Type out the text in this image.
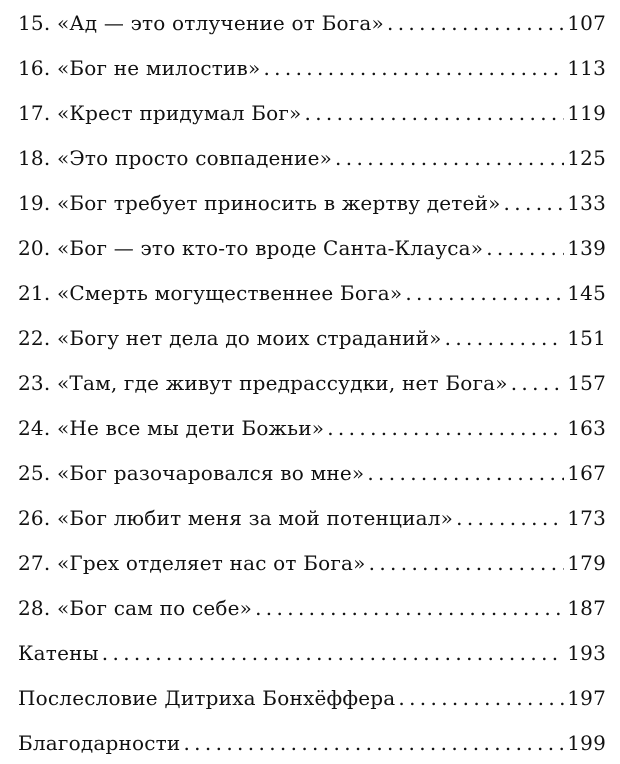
15. «Ад — это отлучение от Бога» . . .	107
16. «Бог не милостив» . . .	113
17. «Крест придумал Бог» . . .	119
18. «Это просто совпадение» . . .	125
19. «Бог требует приносить в жертву детей» . . .	133
20. «Бог — это кто-то вроде Санта-Клауса» . . .	139
21. «Смерть могущественнее Бога» . . .	145
22. «Богу нет дела до моих страданий» . . .	151
23. «Там, где живут предрассудки, нет Бога» . . .	157
24. «Не все мы дети Божьи» . . .	163
25. «Бог разочаровался во мне» . . .	167
26. «Бог любит меня за мой потенциал» . . .	173
27. «Грех отделяет нас от Бога» . . .	179
28. «Бог сам по себе» . . .	187
Катены . . .	193
Послесловие Дитриха Бонхёффера . . .	197
Благодарности . . .	199
